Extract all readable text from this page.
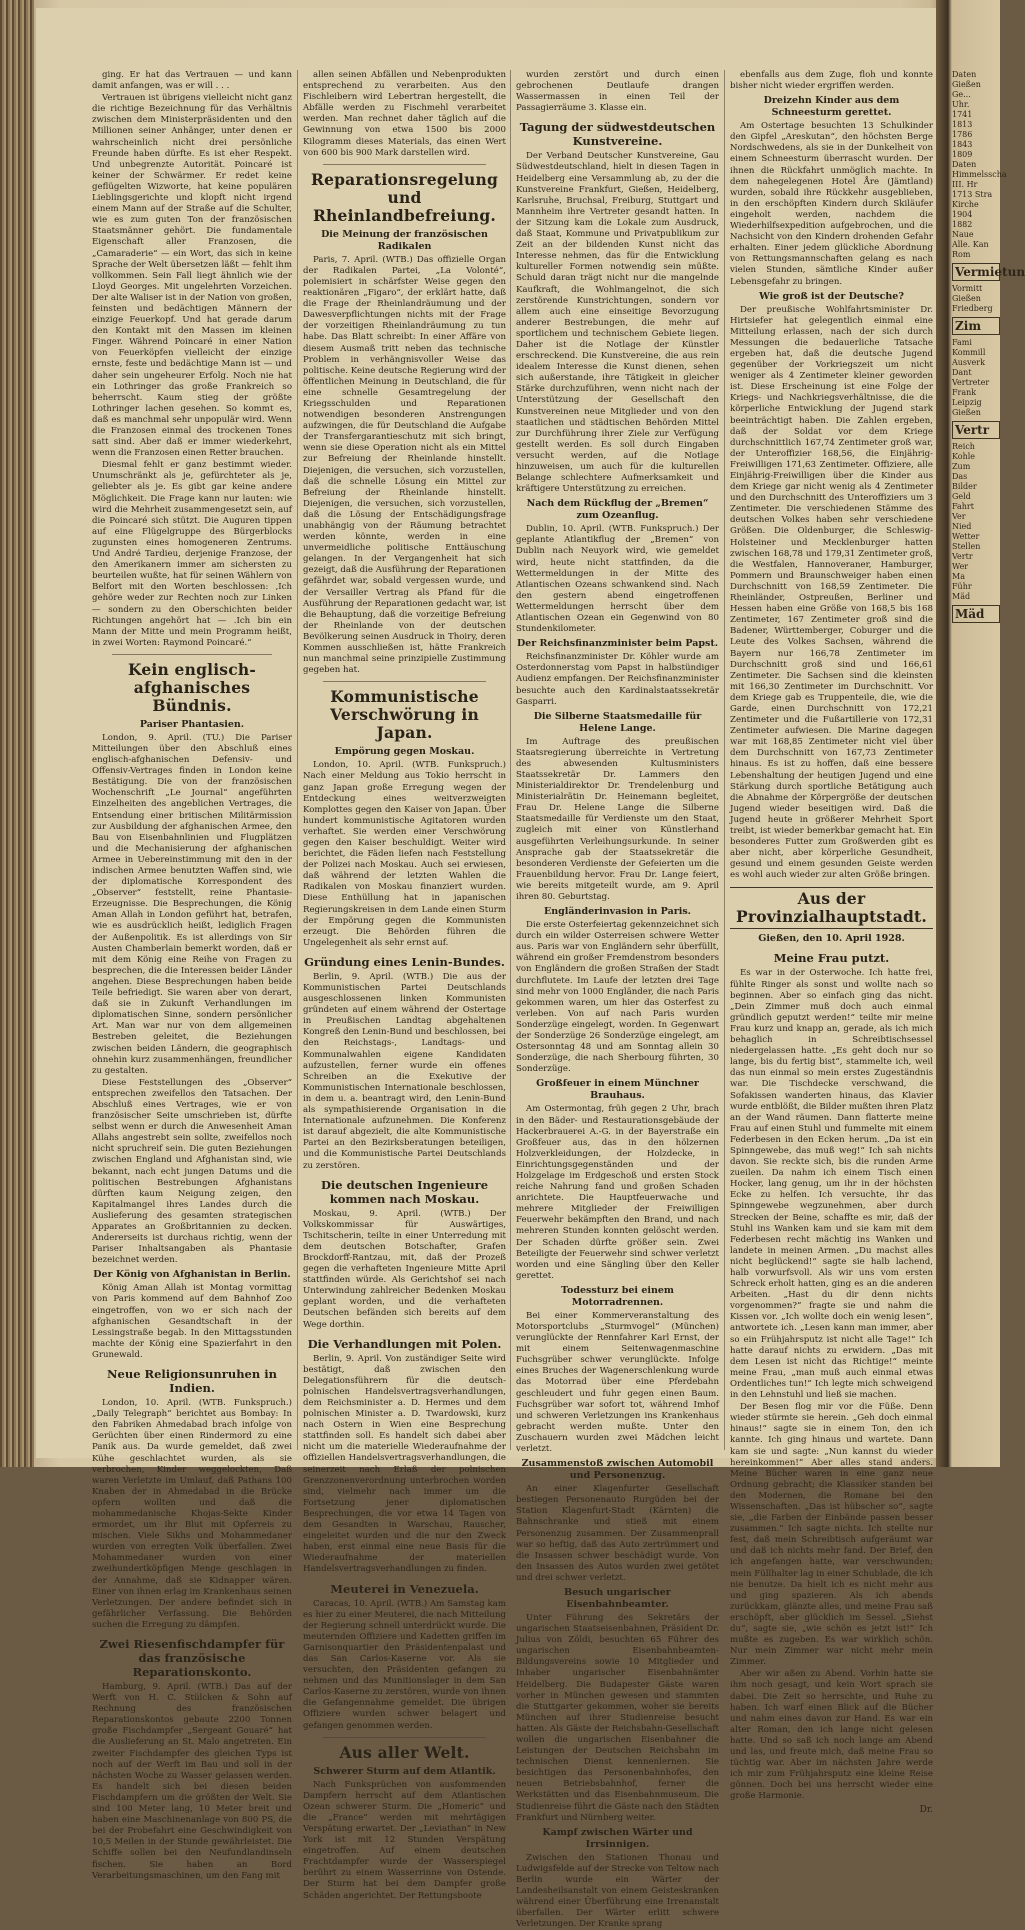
ging. Er hat das Vertrauen — und kann damit anfangen, was er will . . .

Vertrauen ist übrigens vielleicht nicht ganz die richtige Bezeichnung für das Verhältnis zwischen dem Ministerpräsidenten und den Millionen seiner Anhänger, unter denen er wahrscheinlich nicht drei persönliche Freunde haben dürfte. Es ist eher Respekt. Und unbegrenzte Autorität. Poincaré ist keiner der Schwärmer. Er redet keine geflügelten Wizworte, hat keine populären Lieblingsgerichte und klopft nicht irgend einem Mann auf der Straße auf die Schulter, wie es zum guten Ton der französischen Staatsmänner gehört. Die fundamentale Eigenschaft aller Franzosen, die „Camaraderie“ — ein Wort, das sich in keine Sprache der Welt übersetzen läßt — fehlt ihm vollkommen. Sein Fall liegt ähnlich wie der Lloyd Georges. Mit ungelehrten Vorzeichen. Der alte Waliser ist in der Nation von großen, feinsten und bedächtigen Männern der einzige Feuerkopf. Und hat gerade darum den Kontakt mit den Massen im kleinen Finger. Während Poincaré in einer Nation von Feuerköpfen vielleicht der einzige ernste, feste und bedächtige Mann ist — und daher sein ungeheurer Erfolg. Noch nie hat ein Lothringer das große Frankreich so beherrscht. Kaum stieg der größte Lothringer lachen gesehen. So kommt es, daß es manchmal sehr unpopulär wird. Wenn die Franzosen einmal des trockenen Tones satt sind. Aber daß er immer wiederkehrt, wenn die Franzosen einen Retter brauchen.

Diesmal fehlt er ganz bestimmt wieder. Unumschränkt als je, gefürchteter als je, geliebter als je. Es gibt gar keine andere Möglichkeit. Die Frage kann nur lauten: wie wird die Mehrheit zusammengesetzt sein, auf die Poincaré sich stützt. Die Auguren tippen auf eine Flügelgruppe des Bürgerblocks zugunsten eines homogeneren Zentrums. Und André Tardieu, derjenige Franzose, der den Amerikanern immer am sichersten zu beurteilen wußte, hat für seinen Wählern von Belfort mit den Worten beschlossen: ‚Ich gehöre weder zur Rechten noch zur Linken — sondern zu den Oberschichten beider Richtungen angehört hat — .Ich bin ein Mann der Mitte und mein Programm heißt, in zwei Worten: Raymond Poincaré.“

Kein englisch-afghanisches Bündnis.
Pariser Phantasien.

London, 9. April. (TU.) Die Pariser Mitteilungen über den Abschluß eines englisch-afghanischen Defensiv- und Offensiv-Vertrages finden in London keine Bestätigung. Die von der französischen Wochenschrift „Le Journal“ angeführten Einzelheiten des angeblichen Vertrages, die Entsendung einer britischen Militärmission zur Ausbildung der afghanischen Armee, den Bau von Eisenbahnlinien und Flugplätzen und die Mechanisierung der afghanischen Armee in Uebereinstimmung mit den in der indischen Armee benutzten Waffen sind, wie der diplomatische Korrespondent des „Observer“ feststellt, reine Phantasie-Erzeugnisse. Die Besprechungen, die König Aman Allah in London geführt hat, betrafen, wie es ausdrücklich heißt, lediglich Fragen der Außenpolitik. Es ist allerdings von Sir Austen Chamberlain bemerkt worden, daß er mit dem König eine Reihe von Fragen zu besprechen, die die Interessen beider Länder angehen. Diese Besprechungen haben beide Teile befriedigt. Sie waren aber von derart, daß sie in Zukunft Verhandlungen im diplomatischen Sinne, sondern persönlicher Art. Man war nur von dem allgemeinen Bestreben geleitet, die Beziehungen zwischen beiden Ländern, die geographisch ohnehin kurz zusammenhängen, freundlicher zu gestalten.

Diese Feststellungen des „Observer“ entsprechen zweifellos den Tatsachen. Der Abschluß eines Vertrages, wie er von französischer Seite umschrieben ist, dürfte selbst wenn er durch die Anwesenheit Aman Allahs angestrebt sein sollte, zweifellos noch nicht spruchreif sein. Die guten Beziehungen zwischen England und Afghanistan sind, wie bekannt, nach echt jungen Datums und die politischen Bestrebungen Afghanistans dürften kaum Neigung zeigen, den Kapitalmangel ihres Landes durch die Auslieferung des gesamten strategischen Apparates an Großbritannien zu decken. Andererseits ist durchaus richtig, wenn der Pariser Inhaltsangaben als Phantasie bezeichnet werden.

Der König von Afghanistan in Berlin.

König Aman Allah ist Montag vormittag von Paris kommend auf dem Bahnhof Zoo eingetroffen, von wo er sich nach der afghanischen Gesandtschaft in der Lessingstraße begab. In den Mittagsstunden machte der König eine Spazierfahrt in den Grunewald.

Neue Religionsunruhen in Indien.

London, 10. April. (WTB. Funkspruch.) „Daily Telegraph“ berichtet aus Bombay: In den Fabriken Ahmedabad brach infolge von Gerüchten über einen Rindermord zu eine Panik aus. Da wurde gemeldet, daß zwei Kühe geschlachtet wurden, als sie verbrochen, Kinder weggelockten, Daß waren Verletzte im Umlauf, daß Pathans 100 Knaben der in Ahmedabad in die Brücke opfern wollten und daß die mohammedanische Khojas-Sekte Kinder ermordet, um ihr Blut mit Opferreis zu mischen. Viele Sikhs und Mohammedaner wurden von erregten Volk überfallen. Zwei Mohammedaner wurden von einer zweihundertköpfigen Menge geschlagen in der Annahme, daß sie Kidnapper wären. Einer von ihnen erlag im Krankenhaus seinen Verletzungen. Der andere befindet sich in gefährlicher Verfassung. Die Behörden suchen die Erregung zu dämpfen.

Zwei Riesenfischdampfer für das französische Reparationskonto.

Hamburg, 9. April. (WTB.) Das auf der Werft von H. C. Stülcken & Sohn auf Rechnung des französischen Reparationskontos gebaute 2200 Tonnen große Fischdampfer „Sergeant Gouaré“ hat die Auslieferung an St. Malo angetreten. Ein zweiter Fischdampfer des gleichen Typs ist noch auf der Werft im Bau und soll in der nächsten Woche zu Wasser gelassen werden. Es handelt sich bei diesen beiden Fischdampfern um die größten der Welt. Sie sind 100 Meter lang, 10 Meter breit und haben eine Maschinenanlage von 800 PS, die bei der Probefahrt eine Geschwindigkeit von 10,5 Meilen in der Stunde gewährleistet. Die Schiffe sollen bei den Neufundlandinseln fischen. Sie haben an Bord Verarbeitungsmaschinen, um den Fang mit

allen seinen Abfällen und Nebenprodukten entsprechend zu verarbeiten. Aus den Fischleibern wird Lebertran hergestellt, die Abfälle werden zu Fischmehl verarbeitet werden. Man rechnet daher täglich auf die Gewinnung von etwa 1500 bis 2000 Kilogramm dieses Materials, das einen Wert von 600 bis 900 Mark darstellen wird.

Reparationsregelung und Rheinlandbefreiung.
Die Meinung der französischen Radikalen

Paris, 7. April. (WTB.) Das offizielle Organ der Radikalen Partei, „La Volonté“, polemisiert in schärfster Weise gegen den reaktionären „Figaro“, der erklärt hatte, daß die Frage der Rheinlandräumung und der Dawesverpflichtungen nichts mit der Frage der vorzeitigen Rheinlandräumung zu tun habe. Das Blatt schreibt: In einer Affäre von diesem Ausmaß tritt neben das technische Problem in verhängnisvoller Weise das politische. Keine deutsche Regierung wird der öffentlichen Meinung in Deutschland, die für eine schnelle Gesamtregelung der Kriegsschulden und Reparationen notwendigen besonderen Anstrengungen aufzwingen, die für Deutschland die Aufgabe der Transfergarantieschutz mit sich bringt, wenn sie diese Operation nicht als ein Mittel zur Befreiung der Rheinlande hinstellt. Diejenigen, die versuchen, sich vorzustellen, daß die schnelle Lösung ein Mittel zur Befreiung der Rheinlande hinstellt. Diejenigen, die versuchen, sich vorzustellen, daß die Lösung der Entschädigungsfrage unabhängig von der Räumung betrachtet werden könnte, werden in eine unvermeidliche politische Enttäuschung gelangen. In der Vergangenheit hat sich gezeigt, daß die Ausführung der Reparationen gefährdet war, sobald vergessen wurde, und der Versailler Vertrag als Pfand für die Ausführung der Reparationen gedacht war, ist die Behauptung, daß die vorzeitige Befreiung der Rheinlande von der deutschen Bevölkerung seinen Ausdruck in Thoiry, deren Kommen ausschließen ist, hätte Frankreich nun manchmal seine prinzipielle Zustimmung gegeben hat.

Kommunistische Verschwörung in Japan.
Empörung gegen Moskau.

London, 10. April. (WTB. Funkspruch.) Nach einer Meldung aus Tokio herrscht in ganz Japan große Erregung wegen der Entdeckung eines weitverzweigten Komplottes gegen den Kaiser von Japan. Über hundert kommunistische Agitatoren wurden verhaftet. Sie werden einer Verschwörung gegen den Kaiser beschuldigt. Weiter wird berichtet, die Fäden liefen nach Feststellung der Polizei nach Moskau. Auch sei erwiesen, daß während der letzten Wahlen die Radikalen von Moskau finanziert wurden. Diese Enthüllung hat in japanischen Regierungskreisen in dem Lande einen Sturm der Empörung gegen die Kommunisten erzeugt. Die Behörden führen die Ungelegenheit als sehr ernst auf.

Gründung eines Lenin-Bundes.

Berlin, 9. April. (WTB.) Die aus der Kommunistischen Partei Deutschlands ausgeschlossenen linken Kommunisten gründeten auf einem während der Ostertage in Preußischen Landtag abgehaltenen Kongreß den Lenin-Bund und beschlossen, bei den Reichstags-, Landtags- und Kommunalwahlen eigene Kandidaten aufzustellen, ferner wurde ein offenes Schreiben an die Exekutive der Kommunistischen Internationale beschlossen, in dem u. a. beantragt wird, den Lenin-Bund als sympathisierende Organisation in die Internationale aufzunehmen. Die Konferenz ist darauf abgezielt, die alte Kommunistische Partei an den Bezirksberatungen beteiligen, und die Kommunistische Partei Deutschlands zu zerstören.

Die deutschen Ingenieure kommen nach Moskau.

Moskau, 9. April. (WTB.) Der Volkskommissar für Auswärtiges, Tschitscherin, teilte in einer Unterredung mit dem deutschen Botschafter, Grafen Brockdorff-Rantzau, mit, daß der Prozeß gegen die verhafteten Ingenieure Mitte April stattfinden würde. Als Gerichtshof sei nach Unterwindung zahlreicher Bedenken Moskau geplant worden, und die verhafteten Deutschen befänden sich bereits auf dem Wege dorthin.

Die Verhandlungen mit Polen.

Berlin, 9. April. Von zuständiger Seite wird bestätigt, daß zwischen den Delegationsführern für die deutsch-polnischen Handelsvertragsverhandlungen, dem Reichsminister a. D. Hermes und dem polnischen Minister a. D. Twardowski, kurz nach Ostern in Wien eine Besprechung stattfinden soll. Es handelt sich dabei aber nicht um die materielle Wiederaufnahme der offiziellen Handelsvertragsverhandlungen, die seinerzeit nach Erlaß der polnischen Grenzzonenverordnung unterbrochen worden sind, vielmehr nach immer um die Fortsetzung jener diplomatischen Besprechungen, die vor etwa 14 Tagen von dem Gesandten in Warschau, Rauscher, eingeleitet wurden und die nur den Zweck haben, erst einmal eine neue Basis für die Wiederaufnahme der materiellen Handelsvertragsverhandlungen zu finden.

Meuterei in Venezuela.

Caracas, 10. April. (WTB.) Am Samstag kam es hier zu einer Meuterei, die nach Mitteilung der Regierung schnell unterdrückt wurde. Die meuternden Offiziere und Kadetten griffen im Garnisonquartier den Präsidentenpalast und das San Carlos-Kaserne vor. Als sie versuchten, den Präsidenten gefangen zu nehmen und das Munitionslager in dem San Carlos-Kaserne zu zerstören, wurde von ihnen die Gefangennahme gemeldet. Die übrigen Offiziere wurden schwer belagert und gefangen genommen werden.

Aus aller Welt.
Schwerer Sturm auf dem Atlantik.

Nach Funksprüchen von ausfommenden Dampfern herrscht auf dem Atlantischen Ozean schwerer Sturm. Die „Homeric“ und die „France“ werden mit mehrtägigen Verspätung erwartet. Der „Leviathan“ in New York ist mit 12 Stunden Verspätung eingetroffen. Auf einem deutschen Frachtdampfer wurde der Wasserspiegel berührt zu einem Wasserrinne von Ostende. Der Sturm hat bei dem Dampfer große Schäden angerichtet. Der Rettungsboote

wurden zerstört und durch einen gebrochenen Deutlaufe drangen Wassermassen in einen Teil der Passagierräume 3. Klasse ein.

Tagung der südwestdeutschen Kunstvereine.

Der Verband Deutscher Kunstvereine, Gau Südwestdeutschland, hielt in diesen Tagen in Heidelberg eine Versammlung ab, zu der die Kunstvereine Frankfurt, Gießen, Heidelberg, Karlsruhe, Bruchsal, Freiburg, Stuttgart und Mannheim ihre Vertreter gesandt hatten. In der Sitzung kam die Lokale zum Ausdruck, daß Staat, Kommune und Privatpublikum zur Zeit an der bildenden Kunst nicht das Interesse nehmen, das für die Entwicklung kultureller Formen notwendig sein müßte. Schuld daran trägt nicht nur die mangelnde Kaufkraft, die Wohlmangelnot, die sich zerstörende Kunstrichtungen, sondern vor allem auch eine einseitige Bevorzugung anderer Bestrebungen, die mehr auf sportlichem und technischem Gebiete liegen. Daher ist die Notlage der Künstler erschreckend. Die Kunstvereine, die aus rein idealem Interesse die Kunst dienen, sehen sich außerstande, ihre Tätigkeit in gleicher Stärke durchzuführen, wenn nicht nach der Unterstützung der Gesellschaft den Kunstvereinen neue Mitglieder und von den staatlichen und städtischen Behörden Mittel zur Durchführung ihrer Ziele zur Verfügung gestellt werden. Es soll durch Eingaben versucht werden, auf die Notlage hinzuweisen, um auch für die kulturellen Belange schlechtere Aufmerksamkeit und kräftigere Unterstützung zu erreichen.

Nach dem Rückflug der „Bremen“ zum Ozeanflug.

Dublin, 10. April. (WTB. Funkspruch.) Der geplante Atlantikflug der „Bremen“ von Dublin nach Neuyork wird, wie gemeldet wird, heute nicht stattfinden, da die Wettermeldungen in der Mitte des Atlantischen Ozeans schwankend sind. Nach den gestern abend eingetroffenen Wettermeldungen herrscht über dem Atlantischen Ozean ein Gegenwind von 80 Stundenkilometer.

Der Reichsfinanzminister beim Papst.

Reichsfinanzminister Dr. Köhler wurde am Osterdonnerstag vom Papst in halbstündiger Audienz empfangen. Der Reichsfinanzminister besuchte auch den Kardinalstaatssekretär Gasparri.

Die Silberne Staatsmedaille für Helene Lange.

Im Auftrage des preußischen Staatsregierung überreichte in Vertretung des abwesenden Kultusministers Staatssekretär Dr. Lammers den Ministerialdirektor Dr. Trendelenburg und Ministerialrätin Dr. Heinemann begleitet, Frau Dr. Helene Lange die Silberne Staatsmedaille für Verdienste um den Staat, zugleich mit einer von Künstlerhand ausgeführten Verleihungsurkunde. In seiner Ansprache gab der Staatssekretär die besonderen Verdienste der Gefeierten um die Frauenbildung hervor. Frau Dr. Lange feiert, wie bereits mitgeteilt wurde, am 9. April ihren 80. Geburtstag.

Engländerinvasion in Paris.

Die erste Osterfeiertag gekennzeichnet sich durch ein wilder Osterreisen schwere Wetter aus. Paris war von Engländern sehr überfüllt, während ein großer Fremdenstrom besonders von Engländern die großen Straßen der Stadt durchflutete. Im Laufe der letzten drei Tage sind mehr von 1000 Engländer, die nach Paris gekommen waren, um hier das Osterfest zu verleben. Von auf nach Paris wurden Sonderzüge eingelegt, worden. In Gegenwart der Sonderzüge 26 Sonderzüge eingelegt, am Ostersonntag 48 und am Sonntag allein 30 Sonderzüge, die nach Sherbourg führten, 30 Sonderzüge.

Großfeuer in einem Münchner Brauhaus.

Am Ostermontag, früh gegen 2 Uhr, brach in den Bäder- und Restaurationsgebäude der Hackerbrauerei A.-G. in der Bayerstraße ein Großfeuer aus, das in den hölzernen Holzverkleidungen, der Holzdecke, in Einrichtungsgegenständen und der Holzgelage im Erdgeschoß und ersten Stock reiche Nahrung fand und großen Schaden anrichtete. Die Hauptfeuerwache und mehrere Mitglieder der Freiwilligen Feuerwehr bekämpften den Brand, und nach mehreren Stunden konnten gelöscht werden. Der Schaden dürfte größer sein. Zwei Beteiligte der Feuerwehr sind schwer verletzt worden und eine Sängling über den Keller gerettet.

Todessturz bei einem Motorradrennen.

Bei einer Kommerveranstaltung des Motorsportclubs „Sturmvogel“ (München) verunglückte der Rennfahrer Karl Ernst, der mit einem Seitenwagenmaschine Fuchsgrüber schwer verunglückte. Infolge eines Bruches der Wagenerschlenkung wurde das Motorrad über eine Pferdebahn geschleudert und fuhr gegen einen Baum. Fuchsgrüber war sofort tot, während Imhof und schweren Verletzungen ins Krankenhaus gebracht werden mußte. Unter den Zuschauern wurden zwei Mädchen leicht verletzt.

Zusammenstoß zwischen Automobil und Personenzug.

An einer Klagenfurter Gesellschaft bestiegen Personenauto Rurgüden bei der Station Klagenfurt-Stadt (Kärnten) die Bahnschranke und stieß mit einem Personenzug zusammen. Der Zusammenprall war so heftig, daß das Auto zertrümmert und die Insassen schwer beschädigt wurde. Von den Insassen des Autos wurden zwei getötet und drei schwer verletzt.

Besuch ungarischer Eisenbahnbeamter.

Unter Führung des Sekretärs der ungarischen Staatseisenbahnen, Präsident Dr. Julius von Zöldi, besuchten 65 Führer des ungarischen Eisenbahnbeamten-Bildungsvereins sowie 10 Mitglieder und Inhaber ungarischer Eisenbahnämter Heidelberg. Die Budapester Gäste waren vorher in München gewesen und stammten die Stuttgarter gekommen, woher sie bereits München auf ihrer Studienreise besucht hatten. Als Gäste der Reichsbahn-Gesellschaft wollen die ungarischen Eisenbahner die Leistungen der Deutschen Reichsbahn im technischen Dienst kennenlernen. Sie besichtigen das Personenbahnhofes, den neuen Betriebsbahnhof, ferner die Werkstätten und das Eisenbahnmuseum. Die Studienreise führt die Gäste nach den Städten Frankfurt und Nürnberg weiter.

Kampf zwischen Wärter und Irrsinnigen.

Zwischen den Stationen Thonau und Ludwigsfelde auf der Strecke von Teltow nach Berlin wurde ein Wärter der Landesheilsanstalt von einem Geisteskranken während einer Überführung eine Irrenanstalt überfallen. Der Wärter erlitt schwere Verletzungen. Der Kranke sprang

ebenfalls aus dem Zuge, floh und konnte bisher nicht wieder ergriffen werden.

Dreizehn Kinder aus dem Schneesturm gerettet.

Am Ostertage besuchten 13 Schulkinder den Gipfel „Areskutan“, den höchsten Berge Nordschwedens, als sie in der Dunkelheit von einem Schneesturm überrascht wurden. Der ihnen die Rückfahrt unmöglich machte. In dem nahegelegenen Hotel Åre (Jämtland) wurden, sobald ihre Rückkehr ausgeblieben, in den erschöpften Kindern durch Skiläufer eingeholt werden, nachdem die Wiederhilfsexpedition aufgebrochen, und die Nachsicht von den Kindern drohenden Gefahr erhalten. Einer jedem glückliche Abordnung von Rettungsmannschaften gelang es nach vielen Stunden, sämtliche Kinder außer Lebensgefahr zu bringen.

Wie groß ist der Deutsche?

Der preußische Wohlfahrtsminister Dr. Hirtsiefer hat gelegentlich einmal eine Mitteilung erlassen, nach der sich durch Messungen die bedauerliche Tatsache ergeben hat, daß die deutsche Jugend gegenüber der Vorkriegszeit um nicht weniger als 4 Zentimeter kleiner geworden ist. Diese Erscheinung ist eine Folge der Kriegs- und Nachkriegsverhältnisse, die die körperliche Entwicklung der Jugend stark beeinträchtigt haben. Die Zahlen ergeben, daß der Soldat vor dem Kriege durchschnittlich 167,74 Zentimeter groß war, der Unteroffizier 168,56, die Einjährig-Freiwilligen 171,63 Zentimeter. Offiziere, alle Einjährig-Freiwilligen über die Kinder aus dem Kriege gar nicht wenig als 4 Zentimeter und den Durchschnitt des Unteroffiziers um 3 Zentimeter. Die verschiedenen Stämme des deutschen Volkes haben sehr verschiedene Größen. Die Oldenburger, die Schleswig-Holsteiner und Mecklenburger hatten zwischen 168,78 und 179,31 Zentimeter groß, die Westfalen, Hannoveraner, Hamburger, Pommern und Braunschweiger haben einen Durchschnitt von 168,59 Zentimeter. Die Rheinländer, Ostpreußen, Berliner und Hessen haben eine Größe von 168,5 bis 168 Zentimeter, 167 Zentimeter groß sind die Badener, Württemberger, Coburger und die Leute des Volkes Sachsen, während die Bayern nur 166,78 Zentimeter im Durchschnitt groß sind und 166,61 Zentimeter. Die Sachsen sind die kleinsten mit 166,30 Zentimeter im Durchschnitt. Vor dem Kriege gab es Truppenteile, die, wie die Garde, einen Durchschnitt von 172,21 Zentimeter und die Fußartillerie von 172,31 Zentimeter aufwiesen. Die Marine dagegen war mit 168,85 Zentimeter nicht viel über dem Durchschnitt von 167,73 Zentimeter hinaus. Es ist zu hoffen, daß eine bessere Lebenshaltung der heutigen Jugend und eine Stärkung durch sportliche Betätigung auch die Abnahme der Körpergröße der deutschen Jugend wieder beseitigen wird. Daß die Jugend heute in größerer Mehrheit Sport treibt, ist wieder bemerkbar gemacht hat. Ein besonderes Futter zum Großwerden gibt es aber nicht, aber körperliche Gesundheit, gesund und einem gesunden Geiste werden es wohl auch wieder zur alten Größe bringen.

Aus der Provinzialhauptstadt.
Gießen, den 10. April 1928.
Meine Frau putzt.

Es war in der Osterwoche. Ich hatte frei, fühlte Ringer als sonst und wollte nach so beginnen. Aber so einfach ging das nicht. „Dein Zimmer muß doch auch einmal gründlich geputzt werden!“ teilte mir meine Frau kurz und knapp an, gerade, als ich mich behaglich in Schreibtischsessel niedergelassen hatte. „Es geht doch nur so lange, bis du fertig bist“, stammelte ich, weil das nun einmal so mein erstes Zugeständnis war. Die Tischdecke verschwand, die Sofakissen wanderten hinaus, das Klavier wurde entblößt, die Bilder mußten ihren Platz an der Wand räumen. Dann flatterte meine Frau auf einen Stuhl und fummelte mit einem Federbesen in den Ecken herum. „Da ist ein Spinngewebe, das muß weg!“ Ich sah nichts davon. Sie reckte sich, bis die runden Arme zueilen. Da nahm ich einem Tisch einen Hocker, lang genug, um ihr in der höchsten Ecke zu helfen. Ich versuchte, ihr das Spinngewebe wegzunehmen, aber durch Strecken der Beine, schaffte es mir, daß der Stuhl ins Wanken kam und sie kam mit dem Federbesen recht mächtig ins Wanken und landete in meinen Armen. „Du machst alles nicht beglückend!“ sagte sie halb lachend, halb vorwurfsvoll. Als wir uns vom ersten Schreck erholt hatten, ging es an die anderen Arbeiten. „Hast du dir denn nichts vorgenommen?“ fragte sie und nahm die Kissen vor. „Ich wollte doch ein wenig lesen“, antwortete ich. „Lesen kann man immer, aber so ein Frühjahrsputz ist nicht alle Tage!“ Ich hatte darauf nichts zu erwidern. „Das mit dem Lesen ist nicht das Richtige!“ meinte meine Frau, „man muß auch einmal etwas Ordentliches tun!“ Ich legte mich schweigend in den Lehnstuhl und ließ sie machen.

Der Besen flog mir vor die Füße. Denn wieder stürmte sie herein. „Geh doch einmal hinaus!“ sagte sie in einem Ton, den ich kannte. Ich ging hinaus und wartete. Dann kam sie und sagte: „Nun kannst du wieder hereinkommen!“ Aber alles stand anders. Meine Bücher waren in eine ganz neue Ordnung gebracht; die Klassiker standen bei den Modernen, die Romane bei den Wissenschaften. „Das ist hübscher so“, sagte sie, „die Farben der Einbände passen besser zusammen.“ Ich sagte nichts. Ich stellte nur fest, daß mein Schreibtisch aufgeräumt war und daß ich nichts mehr fand. Der Brief, den ich angefangen hatte, war verschwunden; mein Füllhalter lag in einer Schublade, die ich nie benutze. Da hielt ich es nicht mehr aus und ging spazieren. Als ich abends zurückkam, glänzte alles, und meine Frau saß erschöpft, aber glücklich im Sessel. „Siehst du“, sagte sie, „wie schön es jetzt ist!“ Ich mußte es zugeben. Es war wirklich schön. Nur mein Zimmer war nicht mehr mein Zimmer.

Aber wir aßen zu Abend. Vorhin hatte sie ihm noch gesagt, und kein Wort sprach sie dabei. Die Zeit so herrschte, und Ruhe zu haben. Ich warf einen Blick auf die Bücher und nahm eines davon zur Hand. Es war ein alter Roman, den ich lange nicht gelesen hatte. Und so saß ich noch lange am Abend und las, und freute mich, daß meine Frau so tüchtig war. Aber im nächsten Jahre werde ich mir zum Frühjahrsputz eine kleine Reise gönnen. Doch bei uns herrscht wieder eine große Harmonie.

Dr.
Daten
Gießen
Ge...
Uhr.
1741
1813
1786
1843
1809
Daten
Himmelsscha
III. Hr
1713 Stra
Kirche
1904
1882
Naue
Alle. Kan
Rom
Vermietun
Vormitt
Gießen
Friedberg
Zim
Fami
Kommill
Ausverk
Dant
Vertreter
Frank
Leipzig
Gießen
Vertr
Reich
Kohle
Zum
Das
Bilder
Geld
Fahrt
Ver
Nied
Wetter
Stellen
Vertr
Wer
Ma
Führ
Mäd
Mäd
